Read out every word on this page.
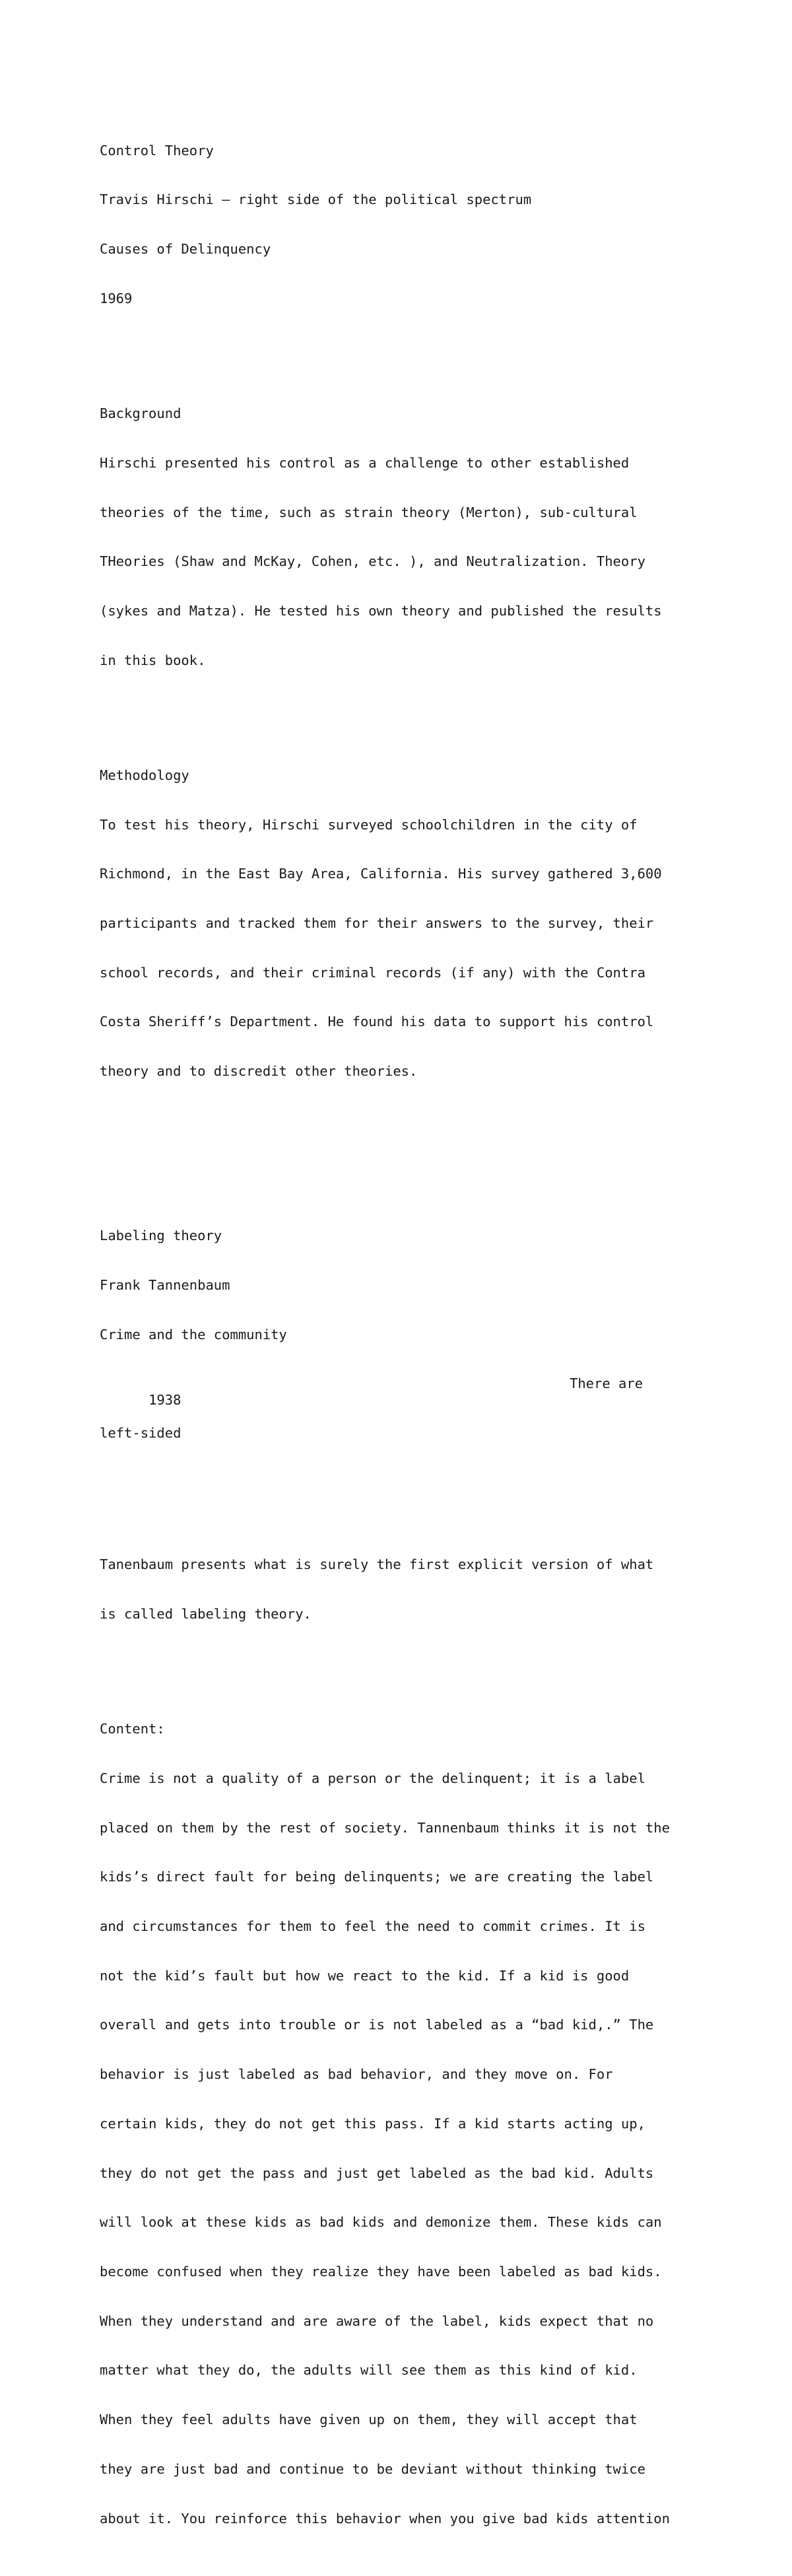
Control Theory

Travis Hirschi – right side of the political spectrum

Causes of Delinquency

1969

Background

Hirschi presented his control as a challenge to other established

theories of the time, such as strain theory (Merton), sub-cultural

THeories (Shaw and McKay, Cohen, etc. ), and Neutralization. Theory

(sykes and Matza). He tested his own theory and published the results

in this book.

Methodology

To test his theory, Hirschi surveyed schoolchildren in the city of

Richmond, in the East Bay Area, California. His survey gathered 3,600

participants and tracked them for their answers to the survey, their

school records, and their criminal records (if any) with the Contra

Costa Sheriff’s Department. He found his data to support his control

theory and to discredit other theories.

Labeling theory

Frank Tannenbaum

Crime and the community

1938

There are

left-sided

Tanenbaum presents what is surely the first explicit version of what

is called labeling theory.

Content:

Crime is not a quality of a person or the delinquent; it is a label

placed on them by the rest of society. Tannenbaum thinks it is not the

kids’s direct fault for being delinquents; we are creating the label

and circumstances for them to feel the need to commit crimes. It is

not the kid’s fault but how we react to the kid. If a kid is good

overall and gets into trouble or is not labeled as a “bad kid,.” The

behavior is just labeled as bad behavior, and they move on. For

certain kids, they do not get this pass. If a kid starts acting up,

they do not get the pass and just get labeled as the bad kid. Adults

will look at these kids as bad kids and demonize them. These kids can

become confused when they realize they have been labeled as bad kids.

When they understand and are aware of the label, kids expect that no

matter what they do, the adults will see them as this kind of kid.

When they feel adults have given up on them, they will accept that

they are just bad and continue to be deviant without thinking twice

about it. You reinforce this behavior when you give bad kids attention
